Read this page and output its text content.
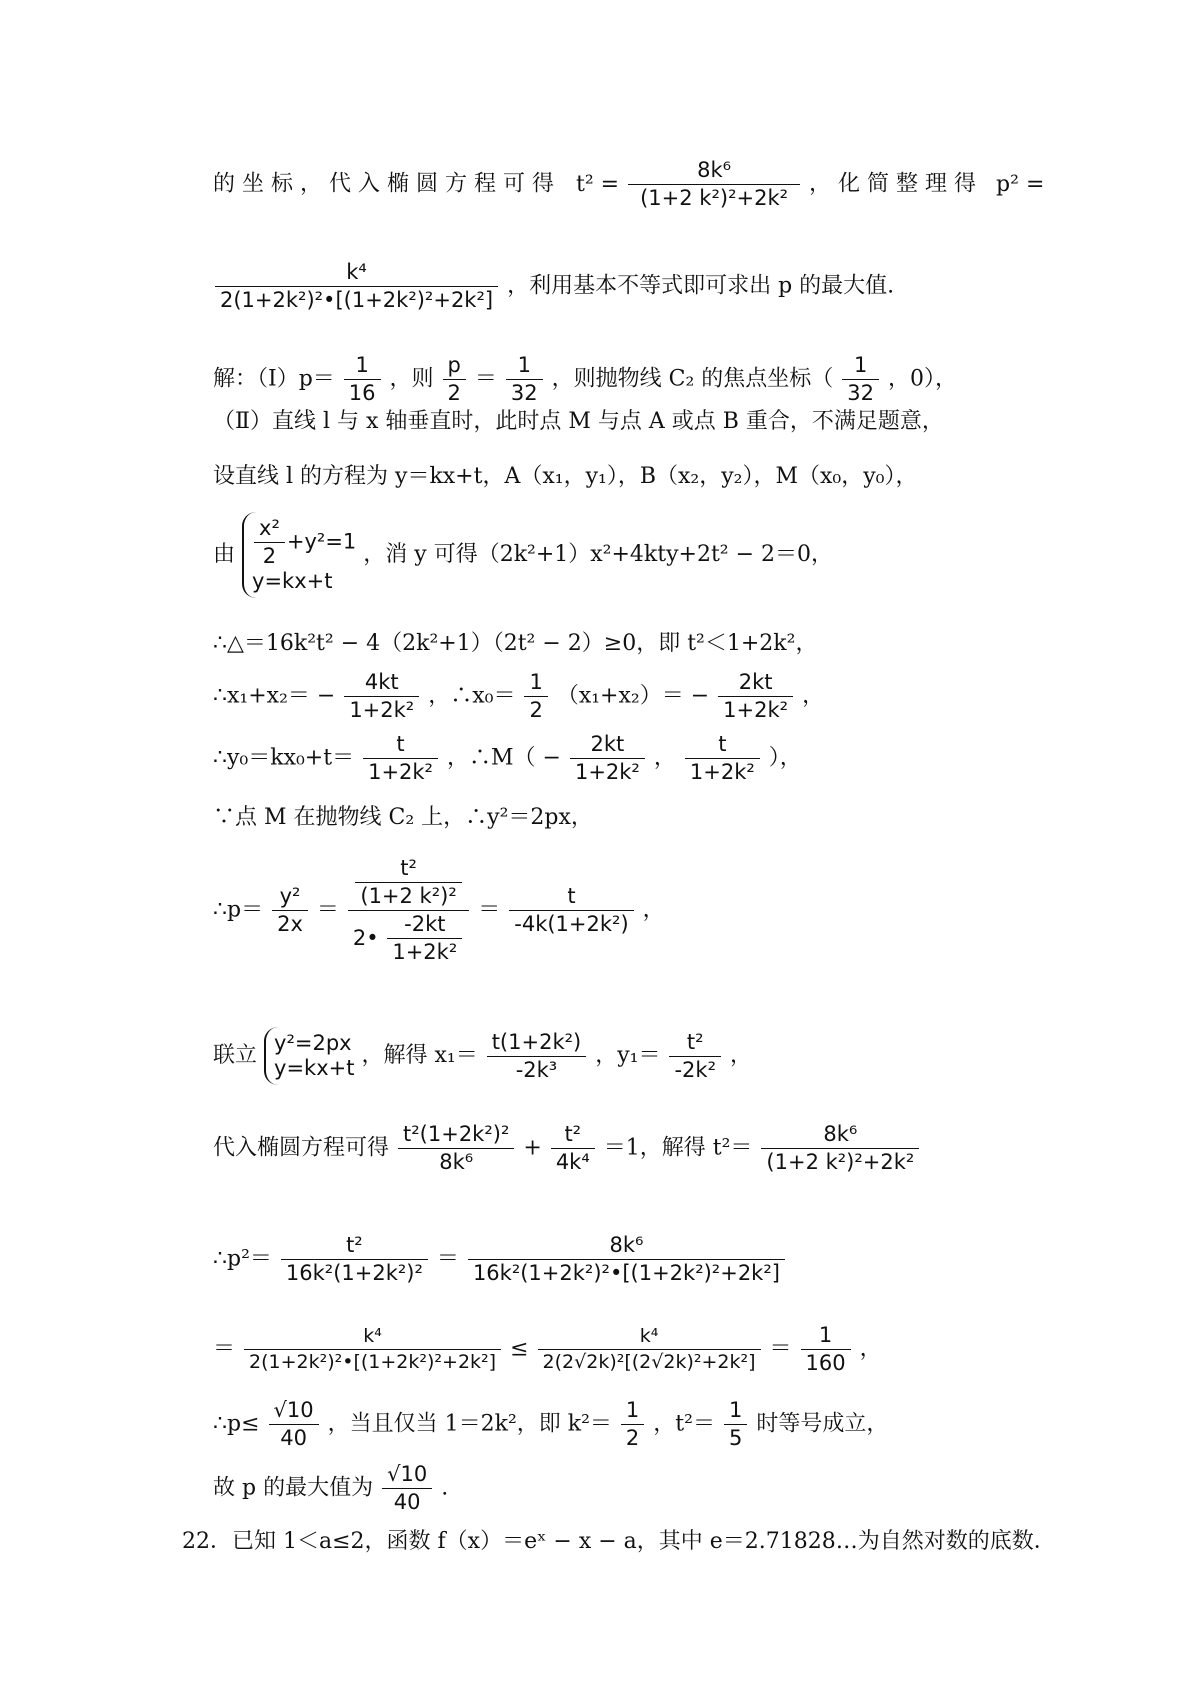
的坐标，代入椭圆方程可得 $t^2 = \frac{\text{8k⁶}}{\text{(1+2 k²)²+2k²}}$ ，化简整理得 p² =
$\frac{\text{k⁴}}{\text{2(1+2k²)²•[(1+2k²)²+2k²]}}$ ，利用基本不等式即可求出 p 的最大值.
解：（Ⅰ）p＝ $\frac{1}{16}$ ，则 $\frac{p}{2} = \frac{1}{32}$ ，则抛物线 C₂ 的焦点坐标（ $\frac{1}{32}$ ，0），
（Ⅱ）直线 l 与 x 轴垂直时，此时点 M 与点 A 或点 B 重合，不满足题意，
设直线 l 的方程为 y＝kx+t，A（x₁，y₁），B（x₂，y₂），M（x₀，y₀），
由 $\frac{\text{x²}}{2} +y^2=1$
y=kx+t
，消 y 可得（2k²+1）x²+4kty+2t² − 2＝0，
∴△＝16k²t² − 4（2k²+1）（2t² − 2）≥0，即 t²＜1+2k²，
∴x₁+x₂＝ − $\frac{4kt}{\text{1+2k²}}$ ，∴x₀＝ $\frac{1}{2} (x_1+x_2)= - \frac{2kt}{\text{1+2k²}}$ ，
∴y₀＝kx₀+t＝ $\frac{t}{\text{1+2k²}}$ ，∴M（ − $\frac{2kt}{\text{1+2k²}}$ ， $\frac{t}{\text{1+2k²}}$ ），
∵点 M 在抛物线 C₂ 上，∴y²＝2px，
∴p＝ $\frac{\text{y²}}{2x} = \frac{\frac{\text{t²}}{\text{(1+2 k²)²}}}{2• \frac{-2kt}{\text{1+2k²}}} = \frac{t}{\text{-4k(1+2k²)}}$ ，
联立 y²=2px
y=kx+t ，解得 $x_1= \frac{\text{t(1+2k²)}}{\text{-2k³}}$ ，$y_1= \frac{\text{t²}}{\text{-2k²}}$ ，
代入椭圆方程可得 $\frac{\text{t²(1+2k²)²}}{\text{8k⁶}} + \frac{\text{t²}}{\text{4k⁴}} =1$，解得 $t^2= \frac{\text{8k⁶}}{\text{(1+2 k²)²+2k²}}$
∴p²＝ $\frac{\text{t²}}{\text{16k²(1+2k²)²}} = \frac{\text{8k⁶}}{\text{16k²(1+2k²)²•[(1+2k²)²+2k²]}}$
＝ $\frac{\text{k⁴}}{\text{2(1+2k²)²•[(1+2k²)²+2k²]}} \le \frac{\text{k⁴}}{\text{2(2√2k)²[(2√2k)²+2k²]}} = \frac{1}{160}$ ，
∴p≤ $\frac{√10}{40}$ ，当且仅当 1＝2k²，即 $k^2= \frac{1}{2}$ ，$t^2= \frac{1}{5}$ 时等号成立，
故 p 的最大值为 $\frac{√10}{40}$ .
22．已知 1＜a≤2，函数 f（x）＝eˣ − x − a，其中 e＝2.71828…为自然对数的底数．
